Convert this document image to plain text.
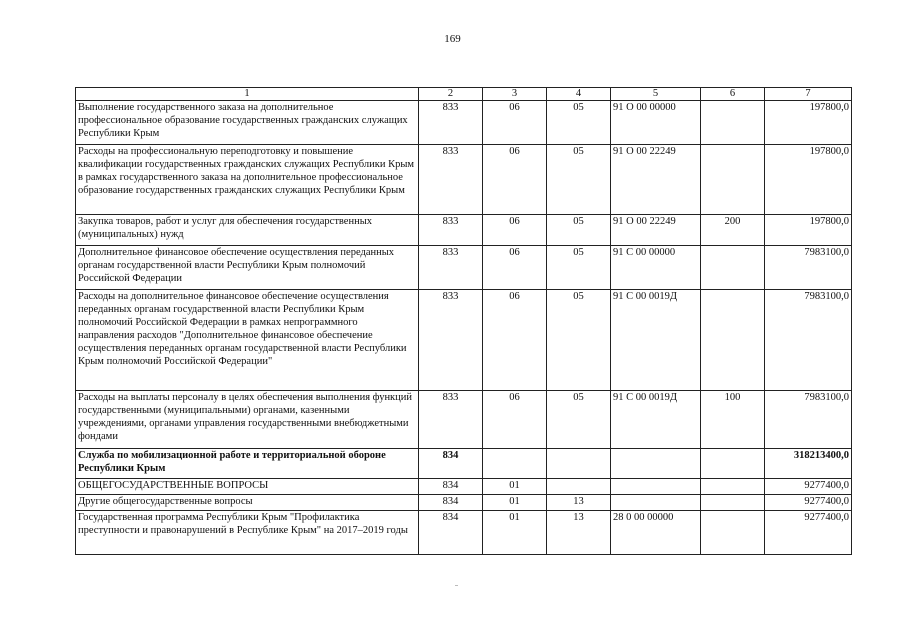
169
1	2	3	4	5	6	7
Выполнение государственного заказа на дополнительное профессиональное образование государственных гражданских служащих Республики Крым	833	06	05	91 О 00 00000		197800,0
Расходы на профессиональную переподготовку и повышение квалификации государственных гражданских служащих Республики Крым в рамках государственного заказа на дополнительное профессиональное образование государственных гражданских служащих Республики Крым	833	06	05	91 О 00 22249		197800,0
Закупка товаров, работ и услуг для обеспечения государственных (муниципальных) нужд	833	06	05	91 О 00 22249	200	197800,0
Дополнительное финансовое обеспечение осуществления переданных органам государственной власти Республики Крым полномочий Российской Федерации	833	06	05	91 С 00 00000		7983100,0
Расходы на дополнительное финансовое обеспечение осуществления переданных органам государственной власти Республики Крым полномочий Российской Федерации в рамках непрограммного направления расходов "Дополнительное финансовое обеспечение осуществления переданных органам государственной власти Республики Крым полномочий Российской Федерации"	833	06	05	91 С 00 0019Д		7983100,0
Расходы на выплаты персоналу в целях обеспечения выполнения функций государственными (муниципальными) органами, казенными учреждениями, органами управления государственными внебюджетными фондами	833	06	05	91 С 00 0019Д	100	7983100,0
Служба по мобилизационной работе и территориальной обороне Республики Крым	834					318213400,0
ОБЩЕГОСУДАРСТВЕННЫЕ ВОПРОСЫ	834	01				9277400,0
Другие общегосударственные вопросы	834	01	13			9277400,0
Государственная программа Республики Крым "Профилактика преступности и правонарушений в Республике Крым" на 2017–2019 годы	834	01	13	28 0 00 00000		9277400,0
